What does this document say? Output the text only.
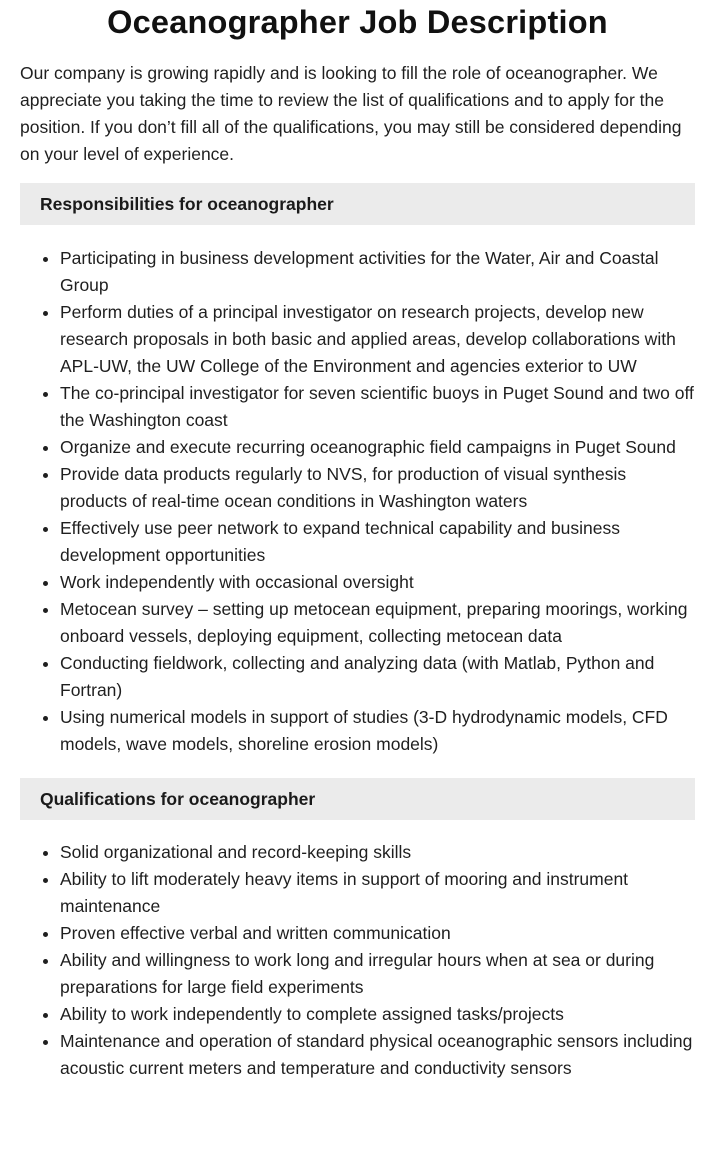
Oceanographer Job Description

Our company is growing rapidly and is looking to fill the role of oceanographer. We appreciate you taking the time to review the list of qualifications and to apply for the position. If you don’t fill all of the qualifications, you may still be considered depending on your level of experience.

Responsibilities for oceanographer
• Participating in business development activities for the Water, Air and Coastal Group
• Perform duties of a principal investigator on research projects, develop new research proposals in both basic and applied areas, develop collaborations with APL-UW, the UW College of the Environment and agencies exterior to UW
• The co-principal investigator for seven scientific buoys in Puget Sound and two off the Washington coast
• Organize and execute recurring oceanographic field campaigns in Puget Sound
• Provide data products regularly to NVS, for production of visual synthesis products of real-time ocean conditions in Washington waters
• Effectively use peer network to expand technical capability and business development opportunities
• Work independently with occasional oversight
• Metocean survey – setting up metocean equipment, preparing moorings, working onboard vessels, deploying equipment, collecting metocean data
• Conducting fieldwork, collecting and analyzing data (with Matlab, Python and Fortran)
• Using numerical models in support of studies (3-D hydrodynamic models, CFD models, wave models, shoreline erosion models)
Qualifications for oceanographer
• Solid organizational and record-keeping skills
• Ability to lift moderately heavy items in support of mooring and instrument maintenance
• Proven effective verbal and written communication
• Ability and willingness to work long and irregular hours when at sea or during preparations for large field experiments
• Ability to work independently to complete assigned tasks/projects
• Maintenance and operation of standard physical oceanographic sensors including acoustic current meters and temperature and conductivity sensors
